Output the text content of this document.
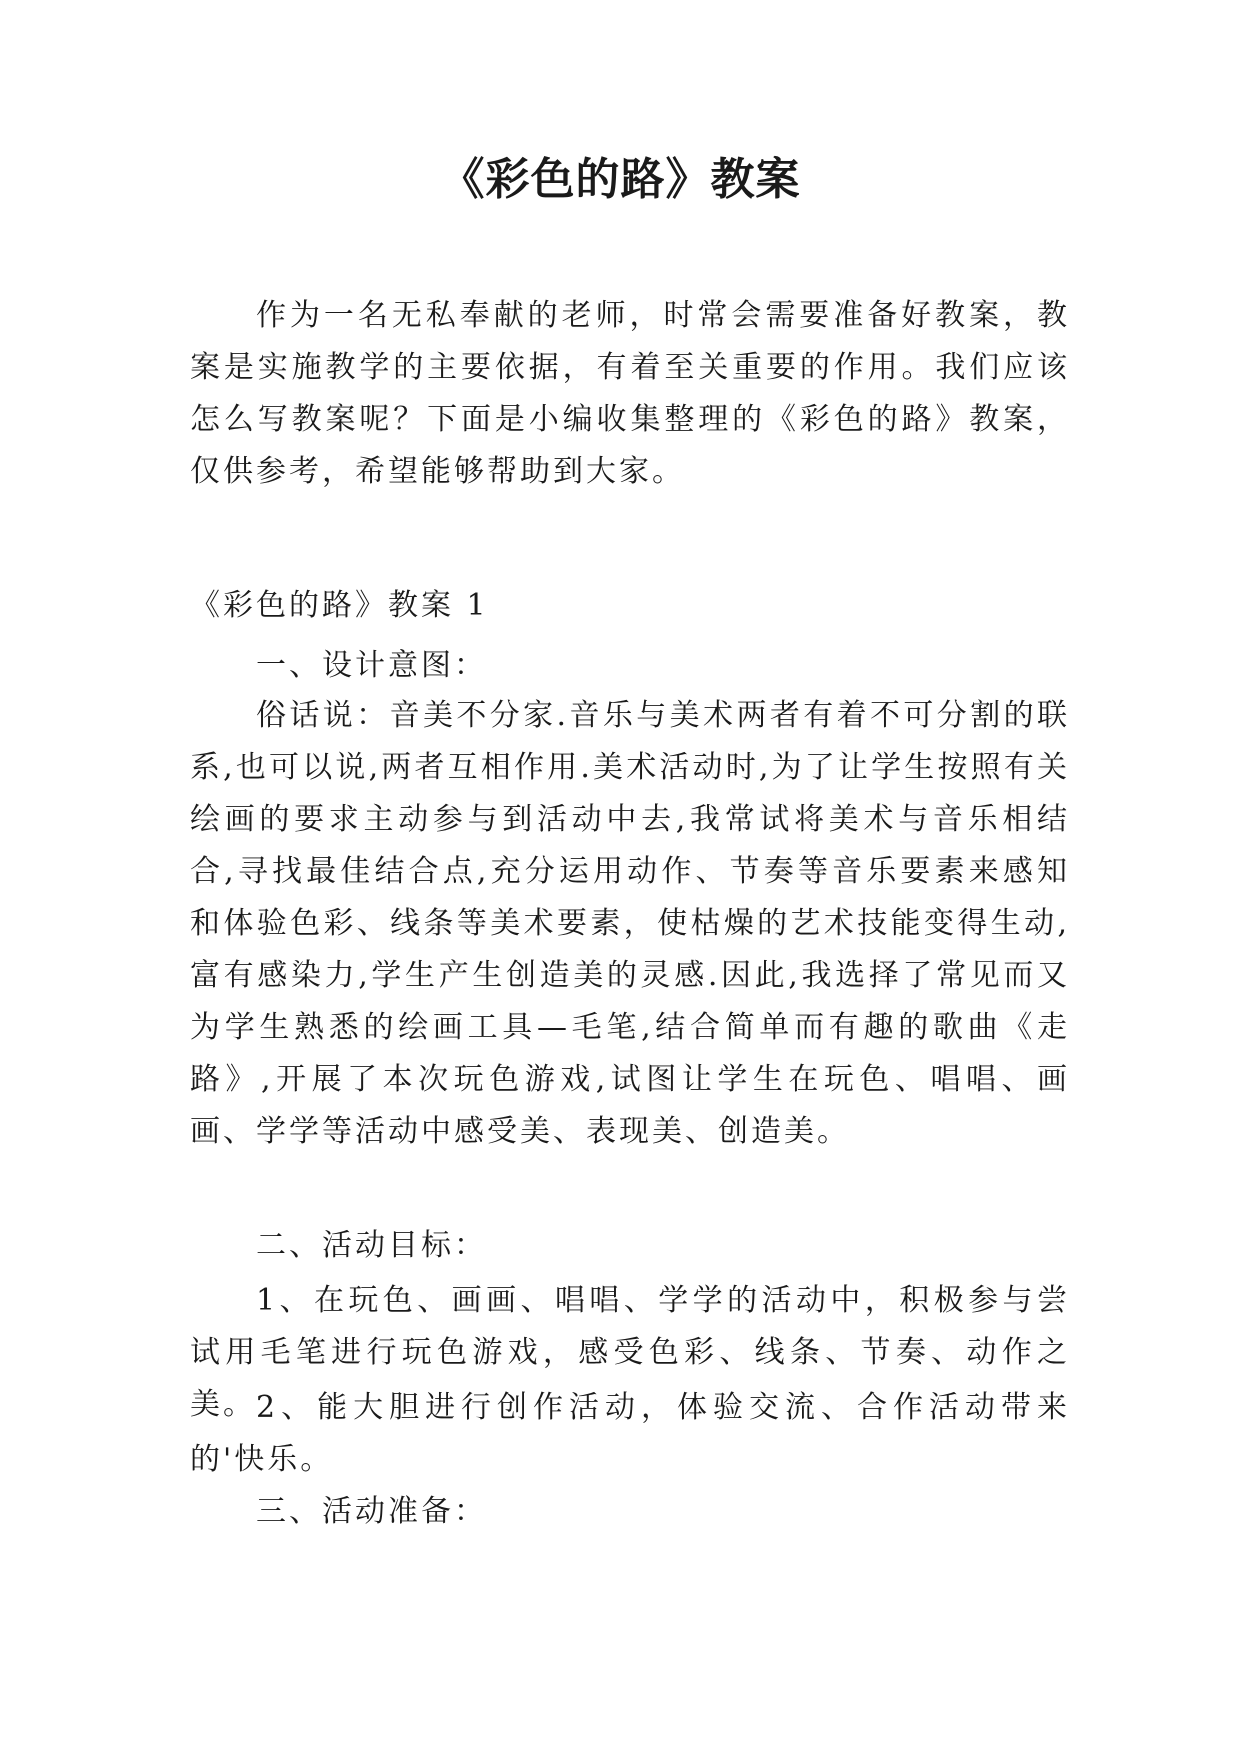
《彩色的路》教案

作为一名无私奉献的老师，时常会需要准备好教案，教案是实施教学的主要依据，有着至关重要的作用。我们应该怎么写教案呢？下面是小编收集整理的《彩色的路》教案，仅供参考，希望能够帮助到大家。

《彩色的路》教案 1

一、设计意图：

俗话说：音美不分家.音乐与美术两者有着不可分割的联系,也可以说,两者互相作用.美术活动时,为了让学生按照有关绘画的要求主动参与到活动中去,我常试将美术与音乐相结合,寻找最佳结合点,充分运用动作、节奏等音乐要素来感知和体验色彩、线条等美术要素，使枯燥的艺术技能变得生动,富有感染力,学生产生创造美的灵感.因此,我选择了常见而又为学生熟悉的绘画工具—毛笔,结合简单而有趣的歌曲《走路》,开展了本次玩色游戏,试图让学生在玩色、唱唱、画画、学学等活动中感受美、表现美、创造美。

二、活动目标：

1、在玩色、画画、唱唱、学学的活动中，积极参与尝试用毛笔进行玩色游戏，感受色彩、线条、节奏、动作之美。 2、能大胆进行创作活动，体验交流、合作活动带来的'快乐。

三、活动准备：
